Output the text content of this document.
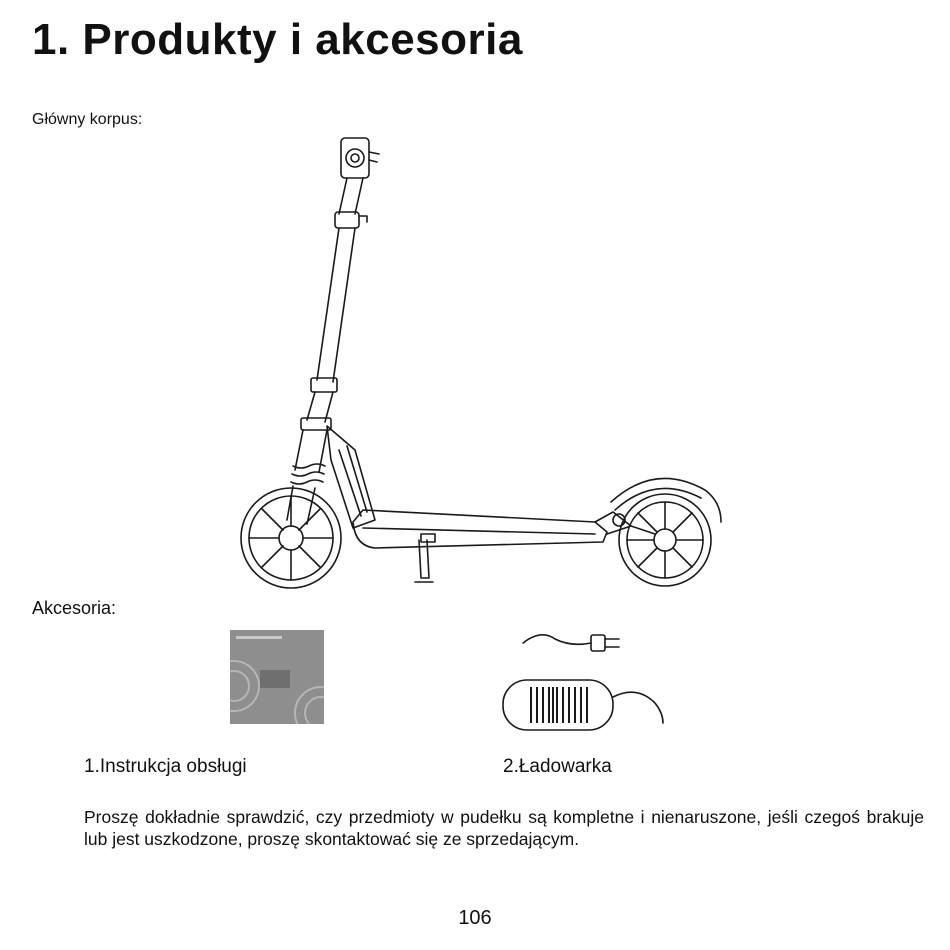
1. Produkty i akcesoria
Główny korpus:
Akcesoria:
1.Instrukcja obsługi	2.Ładowarka

Proszę dokładnie sprawdzić, czy przedmioty w pudełku są kompletne i nienaruszone, jeśli czegoś brakuje lub jest uszkodzone, proszę skontaktować się ze sprzedającym.

106
